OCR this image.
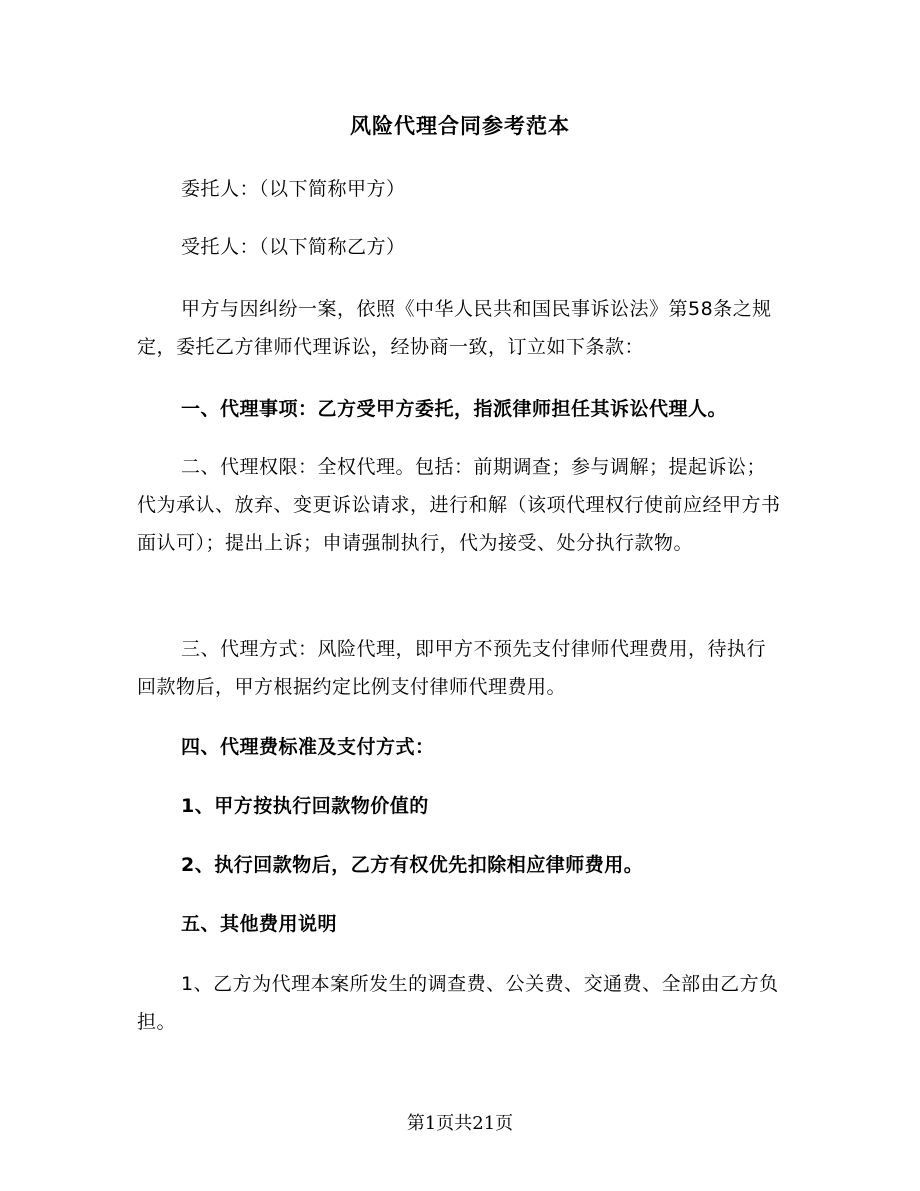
风险代理合同参考范本

委托人：（以下简称甲方）

受托人：（以下简称乙方）

甲方与因纠纷一案，依照《中华人民共和国民事诉讼法》第58条之规定，委托乙方律师代理诉讼，经协商一致，订立如下条款：

一、代理事项：乙方受甲方委托，指派律师担任其诉讼代理人。

二、代理权限：全权代理。包括：前期调查；参与调解；提起诉讼；代为承认、放弃、变更诉讼请求，进行和解（该项代理权行使前应经甲方书面认可）；提出上诉；申请强制执行，代为接受、处分执行款物。

三、代理方式：风险代理，即甲方不预先支付律师代理费用，待执行回款物后，甲方根据约定比例支付律师代理费用。

四、代理费标准及支付方式：

1、甲方按执行回款物价值的

2、执行回款物后，乙方有权优先扣除相应律师费用。

五、其他费用说明

1、乙方为代理本案所发生的调查费、公关费、交通费、全部由乙方负担。

第1页共21页
